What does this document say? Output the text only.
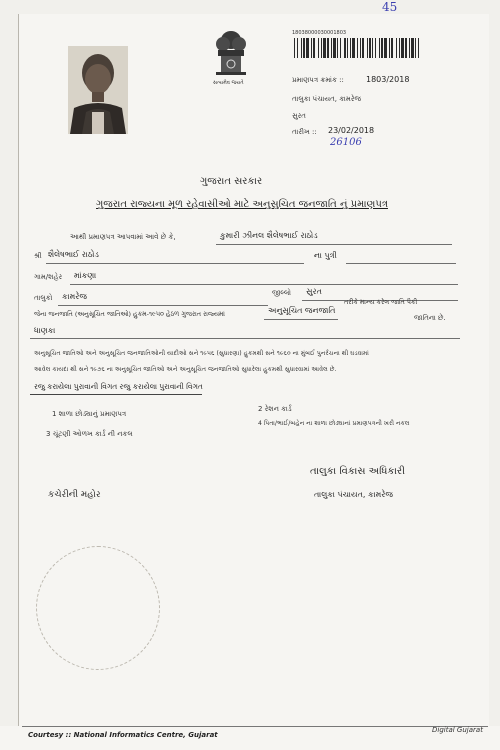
45
સત્યમેવ જયતે
18038000030001803
પ્રમાણપત્ર ક્રમાંક ::	1803/2018
તાલુકા પંચાયત, કામરેજ
સુરત
તારીખ :: 23/02/2018
26106
ગુજરાત સરકાર
ગુજરાત રાજ્યના મૂળ રહેવાસીઓ માટે અનુસુચિત જનજાતિ નું પ્રમાણપત્ર
આથી પ્રમાણપત્ર આપવામાં આવે છે કે,	કુમારી ઝીનલ શૈલેષભાઈ રાઠોડ
શ્રી શૈલેષભાઈ રાઠોડ	ના પુત્રી
ગામ/શહેર માંકણા
તાલુકો કામરેજ	જીલ્લો સુરત
જેના જનજાતિ (અનુસૂચિત જાતિઓ) હુકમ-૧૯૫૦ હેઠળ ગુજરાત રાજ્યમાં	અનુસૂચિત જનજાતિ
તરીકે માન્ય કરેલ જાતિ પૈકી
જાતિના છે.
ધાણકા
અનુસૂચિત જાતિઓ અને અનુસૂચિત જનજાતિઓની યાદીઓ સને ૧૯૫૬ (સુધારણા) હુકમથી સને ૧૯૬૦ ના મુંબઈ પુનર્રચના થી ઘડવામાં
આવેલ કાયદા થી સને ૧૯૭૬ ના અનુસૂચિત જાતિઓ અને અનુસૂચિત જનજાતિઓ સુધારેલા હુકમથી સુધારવામાં આવેલ છે.
રજુ કરાયેલા પુરાવાની વિગત રજુ કરાયેલા પુરાવાની વિગત
1 શાળા છોડ્યાનું પ્રમાણપત્ર
2 રેશન કાર્ડ
3 ચૂંટણી ઓળખ કાર્ડ ની નકલ
4 પિતા/ભાઈ/બહેન ના શાળા છોડ્યાનાં પ્રમાણપત્રની ખરી નકલ
તાલુકા વિકાસ અધિકારી
તાલુકા પંચાયત, કામરેજ
કચેરીની મહોર
Courtesy :: National Informatics Centre, Gujarat
Digital Gujarat
